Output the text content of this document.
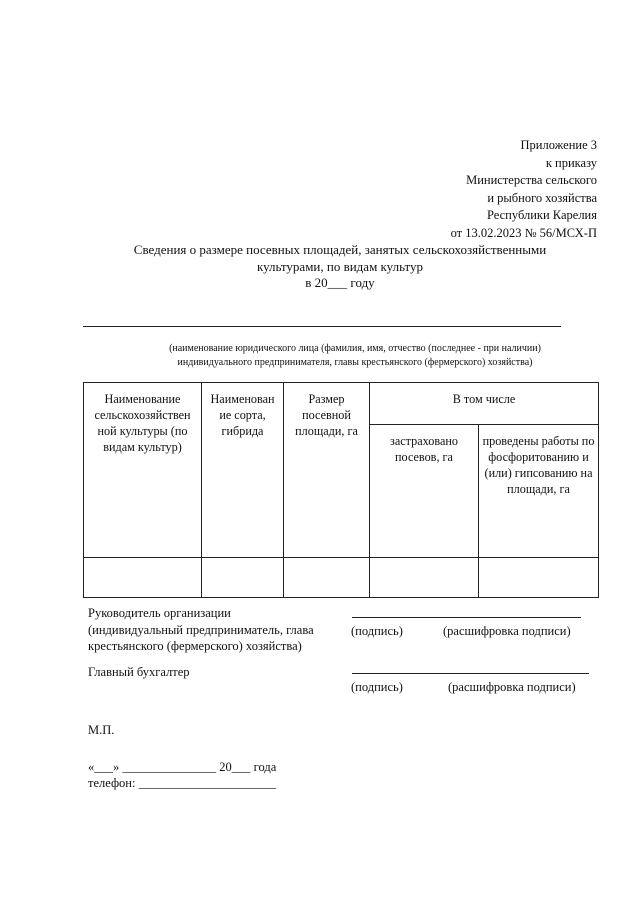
Приложение 3
к приказу
Министерства сельского
и рыбного хозяйства
Республики Карелия
от 13.02.2023 № 56/МСХ-П
Сведения о размере посевных площадей, занятых сельскохозяйственными
культурами, по видам культур
в 20___ году
(наименование юридического лица (фамилия, имя, отчество (последнее - при наличии)
индивидуального предпринимателя, главы крестьянского (фермерского) хозяйства)
Наименование сельскохозяйствен ной культуры (по видам культур)	Наименован ие сорта, гибрида	Размер посевной площади, га	В том числе	
			застраховано посевов, га	проведены работы по фосфоритованию и (или) гипсованию на площади, га

Руководитель организации
(индивидуальный предприниматель, глава
крестьянского (фермерского) хозяйства)
(подпись)	(расшифровка подписи)
Главный бухгалтер
(подпись)	(расшифровка подписи)
М.П.
«___» _______________ 20___ года
телефон: ______________________
